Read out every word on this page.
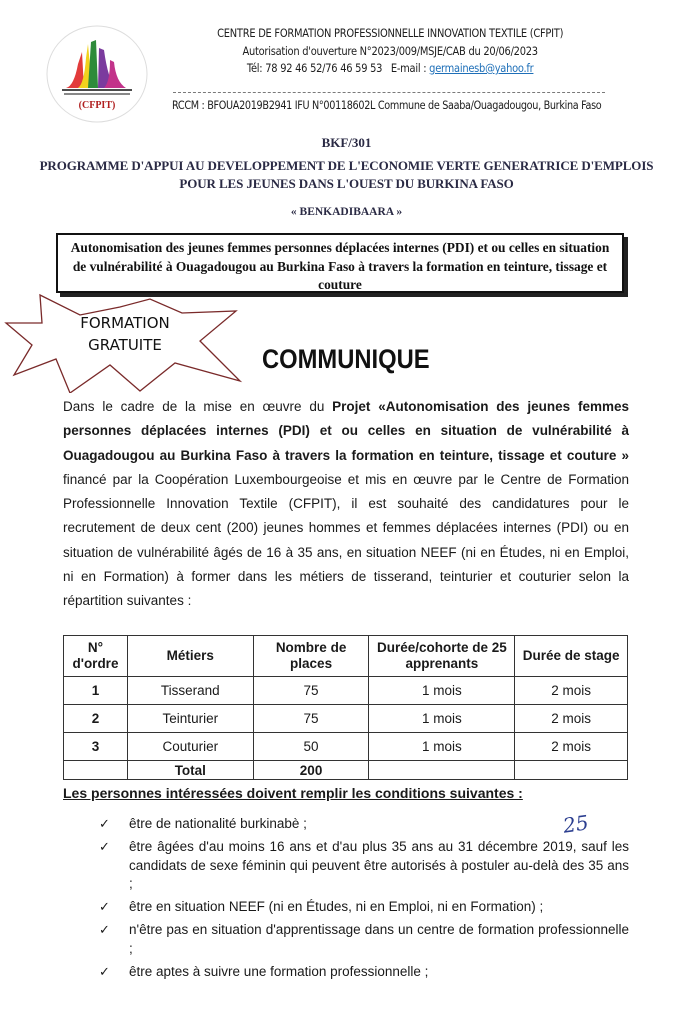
(CFPIT)
CENTRE DE FORMATION PROFESSIONNELLE INNOVATION TEXTILE (CFPIT)
Autorisation d'ouverture N°2023/009/MSJE/CAB du 20/06/2023
Tél: 78 92 46 52/76 46 59 53 E-mail : germainesb@yahoo.fr
RCCM : BFOUA2019B2941 IFU N°00118602L Commune de Saaba/Ouagadougou, Burkina Faso
BKF/301
PROGRAMME D'APPUI AU DEVELOPPEMENT DE L'ECONOMIE VERTE GENERATRICE D'EMPLOIS
POUR LES JEUNES DANS L'OUEST DU BURKINA FASO
« BENKADIBAARA »
Autonomisation des jeunes femmes personnes déplacées internes (PDI) et ou celles en situation de vulnérabilité à Ouagadougou au Burkina Faso à travers la formation en teinture, tissage et couture
FORMATION
GRATUITE	COMMUNIQUE
Dans le cadre de la mise en œuvre du Projet «Autonomisation des jeunes femmes personnes déplacées internes (PDI) et ou celles en situation de vulnérabilité à Ouagadougou au Burkina Faso à travers la formation en teinture, tissage et couture » financé par la Coopération Luxembourgeoise et mis en œuvre par le Centre de Formation Professionnelle Innovation Textile (CFPIT), il est souhaité des candidatures pour le recrutement de deux cent (200) jeunes hommes et femmes déplacées internes (PDI) ou en situation de vulnérabilité âgés de 16 à 35 ans, en situation NEEF (ni en Études, ni en Emploi, ni en Formation) à former dans les métiers de tisserand, teinturier et couturier selon la répartition suivantes :
N° d'ordre	Métiers	Nombre de places	Durée/cohorte de 25 apprenants	Durée de stage
1	Tisserand	75	1 mois	2 mois
2	Teinturier	75	1 mois	2 mois
3	Couturier	50	1 mois	2 mois
	Total	200		
Les personnes intéressées doivent remplir les conditions suivantes :
✓ être de nationalité burkinabè ;
✓ être âgées d'au moins 16 ans et d'au plus 35 ans au 31 décembre 2019, sauf les candidats de sexe féminin qui peuvent être autorisés à postuler au-delà des 35 ans ;
✓ être en situation NEEF (ni en Études, ni en Emploi, ni en Formation) ;
✓ n'être pas en situation d'apprentissage dans un centre de formation professionnelle ;
✓ être aptes à suivre une formation professionnelle ;
25
